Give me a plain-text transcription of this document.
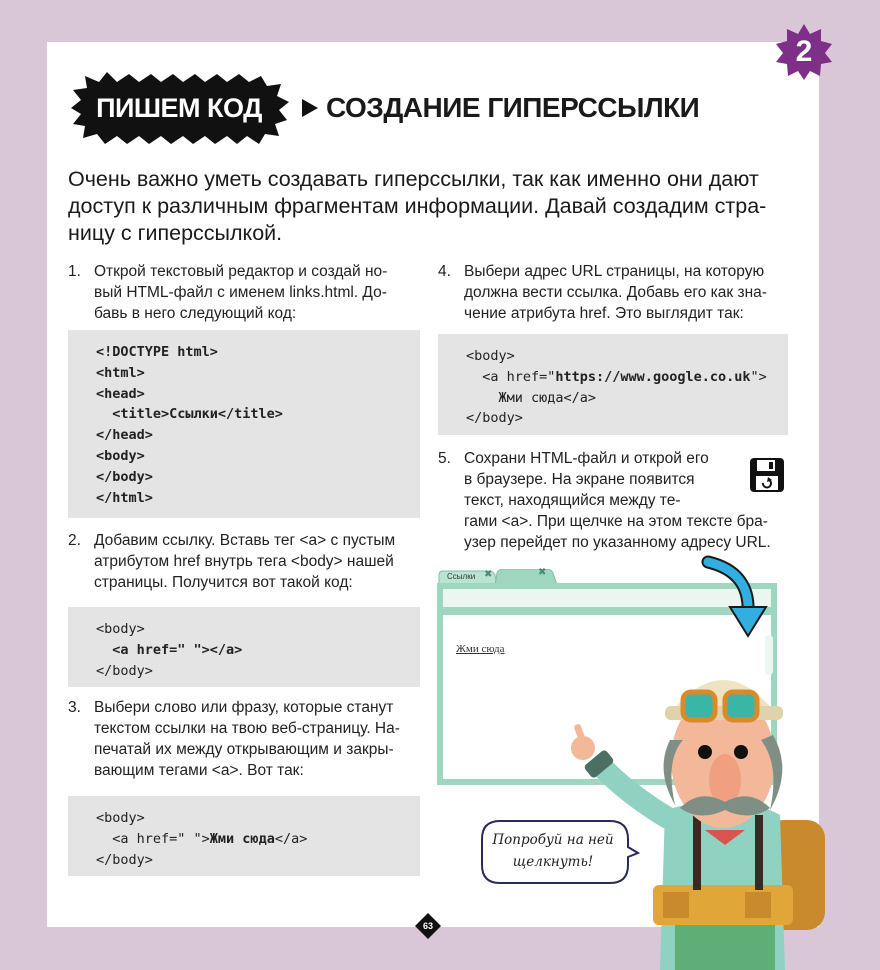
2
ПИШЕМ КОД	СОЗДАНИЕ ГИПЕРССЫЛКИ
Очень важно уметь создавать гиперссылки, так как именно они дают
доступ к различным фрагментам информации. Давай создадим стра-
ницу с гиперссылкой.
1. Открой текстовый редактор и создай но-
вый HTML-файл с именем links.html. До-
бавь в него следующий код:
<!DOCTYPE html>
<html>
<head>
<title>Ссылки</title>
</head>
<body>
</body>
</html>
2. Добавим ссылку. Вставь тег <a> с пустым
атрибутом href внутрь тега <body> нашей
страницы. Получится вот такой код:
<body>
<a href=" "></a>
</body>
3. Выбери слово или фразу, которые станут
текстом ссылки на твою веб-страницу. На-
печатай их между открывающим и закры-
вающим тегами <a>. Вот так:
<body>
<a href=" ">Жми сюда</a>
</body>
4. Выбери адрес URL страницы, на которую
должна вести ссылка. Добавь его как зна-
чение атрибута href. Это выглядит так:
<body>
<a href="https://www.google.co.uk">
Жми сюда</a>
</body>
5. Сохрани HTML-файл и открой его
в браузере. На экране появится
текст, находящийся между те-
гами <a>. При щелчке на этом тексте бра-
узер перейдет по указанному адресу URL.
Ссылки ✖	✖
Жми сюда
Попробуй на ней
щелкнуть!
63
